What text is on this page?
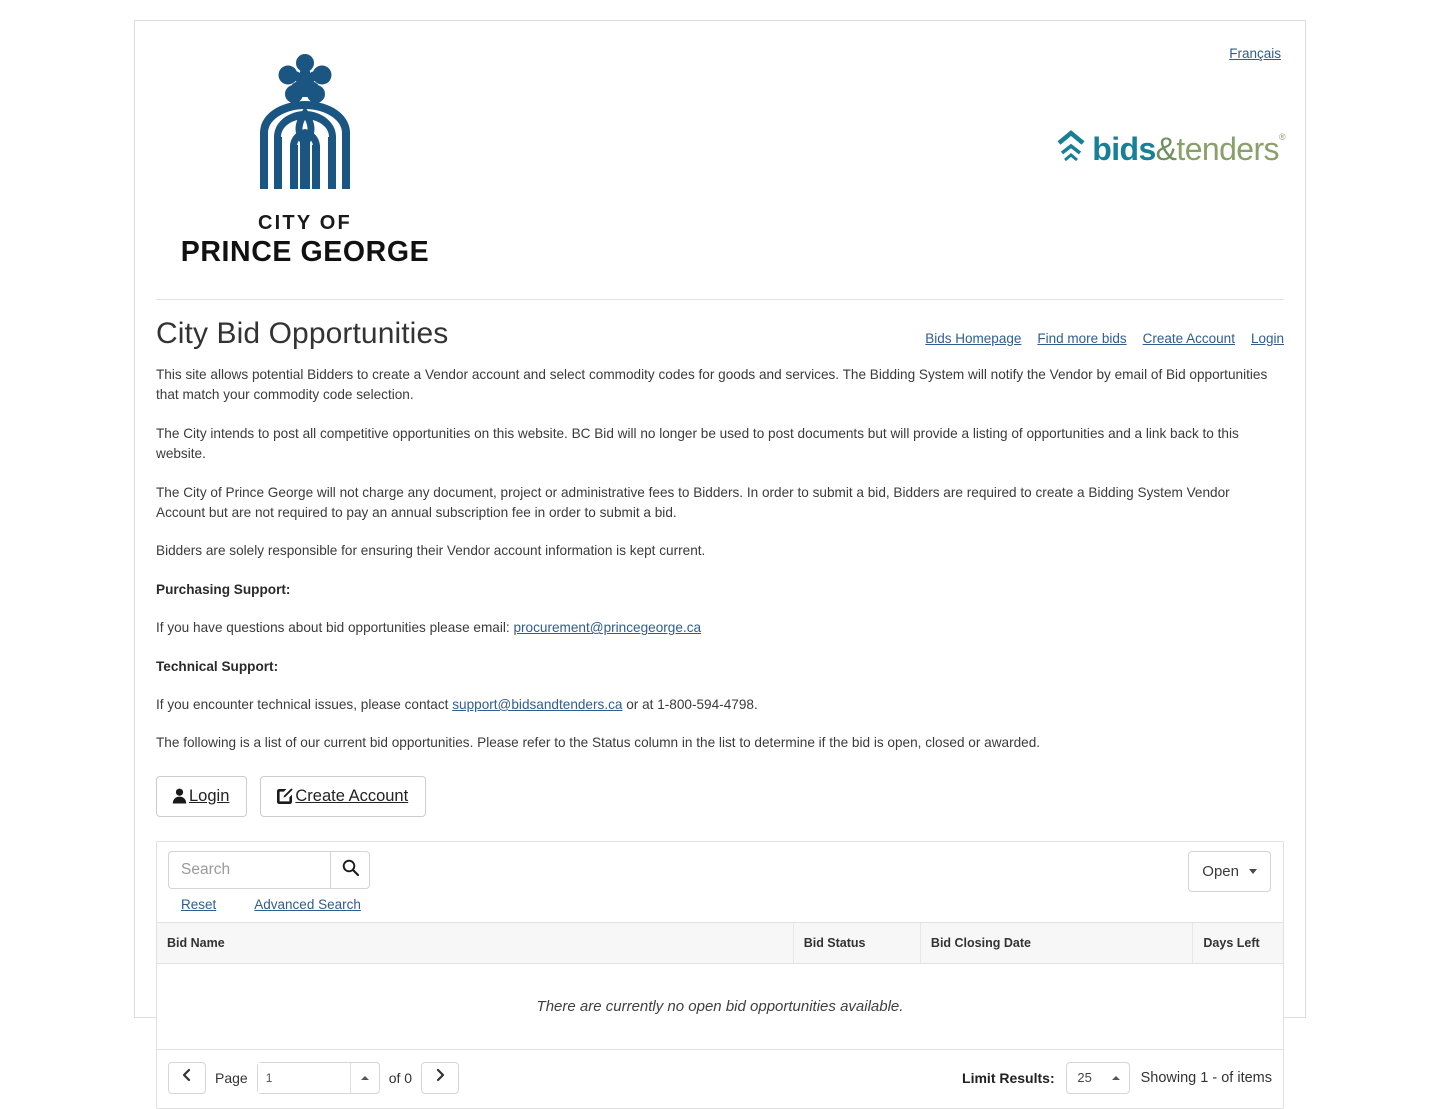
Français
CITY OF
PRINCE GEORGE
bids&tenders®
City Bid Opportunities	Bids Homepage Find more bids Create Account Login

This site allows potential Bidders to create a Vendor account and select commodity codes for goods and services. The Bidding System will notify the Vendor by email of Bid opportunities that match your commodity code selection.

The City intends to post all competitive opportunities on this website. BC Bid will no longer be used to post documents but will provide a listing of opportunities and a link back to this website.

The City of Prince George will not charge any document, project or administrative fees to Bidders. In order to submit a bid, Bidders are required to create a Bidding System Vendor Account but are not required to pay an annual subscription fee in order to submit a bid.

Bidders are solely responsible for ensuring their Vendor account information is kept current.

Purchasing Support:

If you have questions about bid opportunities please email: procurement@princegeorge.ca

Technical Support:

If you encounter technical issues, please contact support@bidsandtenders.ca or at 1-800-594-4798.

The following is a list of our current bid opportunities. Please refer to the Status column in the list to determine if the bid is open, closed or awarded.

Login	Create Account
Search
Reset	Advanced Search
Open
Bid Name	Bid Status	Bid Closing Date	Days Left
There are currently no open bid opportunities available.
Page
1	of 0	Limit Results:	25	Showing 1 - of items
